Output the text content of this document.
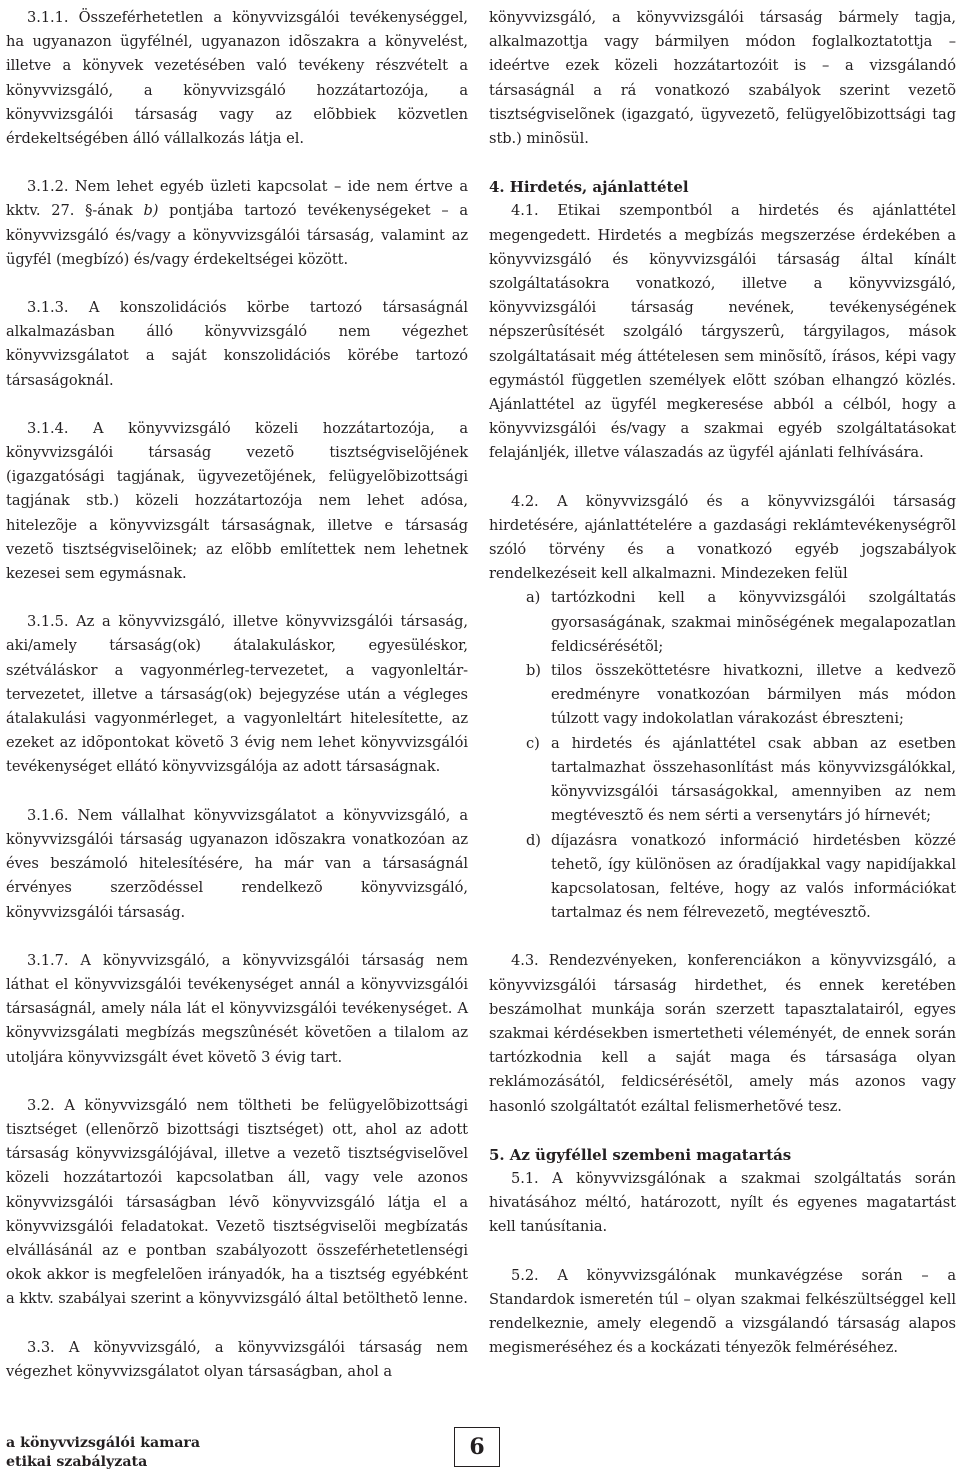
3.1.1. Összeférhetetlen a könyvvizsgálói tevékenységgel, ha ugyanazon ügyfélnél, ugyanazon idõszakra a könyvelést, illetve a könyvek vezetésében való tevékeny részvételt a könyvvizsgáló, a könyvvizsgáló hozzátartozója, a könyvvizsgálói társaság vagy az elõbbiek közvetlen érdekeltségében álló vállalkozás látja el.

3.1.2. Nem lehet egyéb üzleti kapcsolat – ide nem értve a kktv. 27. §-ának b) pontjába tartozó tevékenységeket – a könyvvizsgáló és/vagy a könyvvizsgálói társaság, valamint az ügyfél (megbízó) és/vagy érdekeltségei között.

3.1.3. A konszolidációs körbe tartozó társaságnál alkalmazásban álló könyvvizsgáló nem végezhet könyvvizsgálatot a saját konszolidációs körébe tartozó társaságoknál.

3.1.4. A könyvvizsgáló közeli hozzátartozója, a könyvvizsgálói társaság vezetõ tisztségviselõjének (igazgatósági tagjának, ügyvezetõjének, felügyelõbizottsági tagjának stb.) közeli hozzátartozója nem lehet adósa, hitelezõje a könyvvizsgált társaságnak, illetve e társaság vezetõ tisztségviselõinek; az elõbb említettek nem lehetnek kezesei sem egymásnak.

3.1.5. Az a könyvvizsgáló, illetve könyvvizsgálói társaság, aki/amely társaság(ok) átalakuláskor, egyesüléskor, szétváláskor a vagyonmérleg-tervezetet, a vagyonleltár-tervezetet, illetve a társaság(ok) bejegyzése után a végleges átalakulási vagyonmérleget, a vagyonleltárt hitelesítette, az ezeket az idõpontokat követõ 3 évig nem lehet könyvvizsgálói tevékenységet ellátó könyvvizsgálója az adott társaságnak.

3.1.6. Nem vállalhat könyvvizsgálatot a könyvvizsgáló, a könyvvizsgálói társaság ugyanazon idõszakra vonatkozóan az éves beszámoló hitelesítésére, ha már van a társaságnál érvényes szerzõdéssel rendelkezõ könyvvizsgáló, könyvvizsgálói társaság.

3.1.7. A könyvvizsgáló, a könyvvizsgálói társaság nem láthat el könyvvizsgálói tevékenységet annál a könyvvizsgálói társaságnál, amely nála lát el könyvvizsgálói tevékenységet. A könyvvizsgálati megbízás megszûnését követõen a tilalom az utoljára könyvvizsgált évet követõ 3 évig tart.

3.2. A könyvvizsgáló nem töltheti be felügyelõbizottsági tisztséget (ellenõrzõ bizottsági tisztséget) ott, ahol az adott társaság könyvvizsgálójával, illetve a vezetõ tisztségviselõvel közeli hozzátartozói kapcsolatban áll, vagy vele azonos könyvvizsgálói társaságban lévõ könyvvizsgáló látja el a könyvvizsgálói feladatokat. Vezetõ tisztségviselõi megbízatás elvállásánál az e pontban szabályozott összeférhetetlenségi okok akkor is megfelelõen irányadók, ha a tisztség egyébként a kktv. szabályai szerint a könyvvizsgáló által betölthetõ lenne.

3.3. A könyvvizsgáló, a könyvvizsgálói társaság nem végezhet könyvvizsgálatot olyan társaságban, ahol a

könyvvizsgáló, a könyvvizsgálói társaság bármely tagja, alkalmazottja vagy bármilyen módon foglalkoztatottja – ideértve ezek közeli hozzátartozóit is – a vizsgálandó társaságnál a rá vonatkozó szabályok szerint vezetõ tisztségviselõnek (igazgató, ügyvezetõ, felügyelõbizottsági tag stb.) minõsül.

4. Hirdetés, ajánlattétel

4.1. Etikai szempontból a hirdetés és ajánlattétel megengedett. Hirdetés a megbízás megszerzése érdekében a könyvvizsgáló és könyvvizsgálói társaság által kínált szolgáltatásokra vonatkozó, illetve a könyvvizsgáló, könyvvizsgálói társaság nevének, tevékenységének népszerûsítését szolgáló tárgyszerû, tárgyilagos, mások szolgáltatásait még áttételesen sem minõsítõ, írásos, képi vagy egymástól független személyek elõtt szóban elhangzó közlés. Ajánlattétel az ügyfél megkeresése abból a célból, hogy a könyvvizsgálói és/vagy a szakmai egyéb szolgáltatásokat felajánljék, illetve válaszadás az ügyfél ajánlati felhívására.

4.2. A könyvvizsgáló és a könyvvizsgálói társaság hirdetésére, ajánlattételére a gazdasági reklámtevékenységrõl szóló törvény és a vonatkozó egyéb jogszabályok rendelkezéseit kell alkalmazni. Mindezeken felül

a) tartózkodni kell a könyvvizsgálói szolgáltatás gyorsaságának, szakmai minõségének megalapozatlan feldicsérésétõl;
b) tilos összeköttetésre hivatkozni, illetve a kedvezõ eredményre vonatkozóan bármilyen más módon túlzott vagy indokolatlan várakozást ébreszteni;
c) a hirdetés és ajánlattétel csak abban az esetben tartalmazhat összehasonlítást más könyvvizsgálókkal, könyvvizsgálói társaságokkal, amennyiben az nem megtévesztõ és nem sérti a versenytárs jó hírnevét;
d) díjazásra vonatkozó információ hirdetésben közzé tehetõ, így különösen az óradíjakkal vagy napidíjakkal kapcsolatosan, feltéve, hogy az valós információkat tartalmaz és nem félrevezetõ, megtévesztõ.

4.3. Rendezvényeken, konferenciákon a könyvvizsgáló, a könyvvizsgálói társaság hirdethet, és ennek keretében beszámolhat munkája során szerzett tapasztalatairól, egyes szakmai kérdésekben ismertetheti véleményét, de ennek során tartózkodnia kell a saját maga és társasága olyan reklámozásától, feldicsérésétõl, amely más azonos vagy hasonló szolgáltatót ezáltal felismerhetõvé tesz.

5. Az ügyféllel szembeni magatartás

5.1. A könyvvizsgálónak a szakmai szolgáltatás során hivatásához méltó, határozott, nyílt és egyenes magatartást kell tanúsítania.

5.2. A könyvvizsgálónak munkavégzése során – a Standardok ismeretén túl – olyan szakmai felkészültséggel kell rendelkeznie, amely elegendõ a vizsgálandó társaság alapos megismeréséhez és a kockázati tényezõk felméréséhez.

a könyvvizsgálói kamara
etikai szabályzata
6
